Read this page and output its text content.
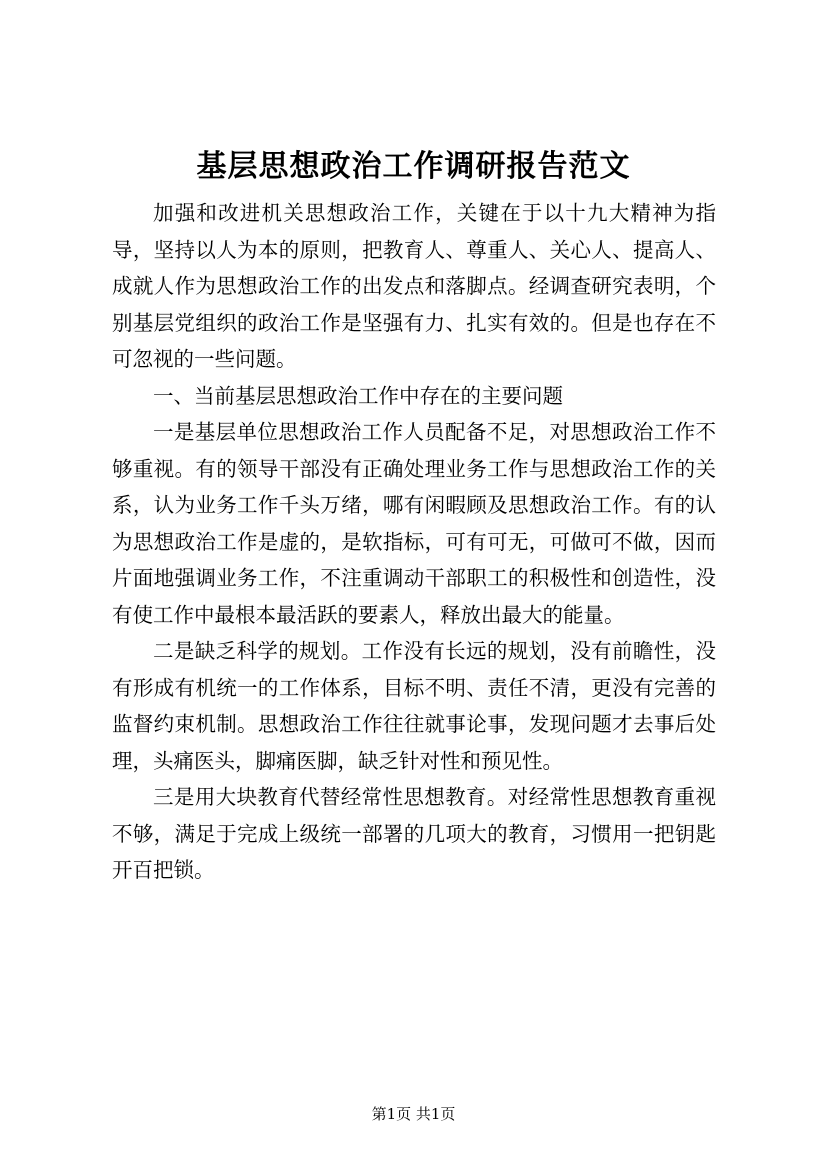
基层思想政治工作调研报告范文

加强和改进机关思想政治工作，关键在于以十九大精神为指导，坚持以人为本的原则，把教育人、尊重人、关心人、提高人、成就人作为思想政治工作的出发点和落脚点。经调查研究表明，个别基层党组织的政治工作是坚强有力、扎实有效的。但是也存在不可忽视的一些问题。

一、当前基层思想政治工作中存在的主要问题

一是基层单位思想政治工作人员配备不足，对思想政治工作不够重视。有的领导干部没有正确处理业务工作与思想政治工作的关系，认为业务工作千头万绪，哪有闲暇顾及思想政治工作。有的认为思想政治工作是虚的，是软指标，可有可无，可做可不做，因而片面地强调业务工作，不注重调动干部职工的积极性和创造性，没有使工作中最根本最活跃的要素人，释放出最大的能量。

二是缺乏科学的规划。工作没有长远的规划，没有前瞻性，没有形成有机统一的工作体系，目标不明、责任不清，更没有完善的监督约束机制。思想政治工作往往就事论事，发现问题才去事后处理，头痛医头，脚痛医脚，缺乏针对性和预见性。

三是用大块教育代替经常性思想教育。对经常性思想教育重视不够，满足于完成上级统一部署的几项大的教育，习惯用一把钥匙开百把锁。

第1页 共1页
